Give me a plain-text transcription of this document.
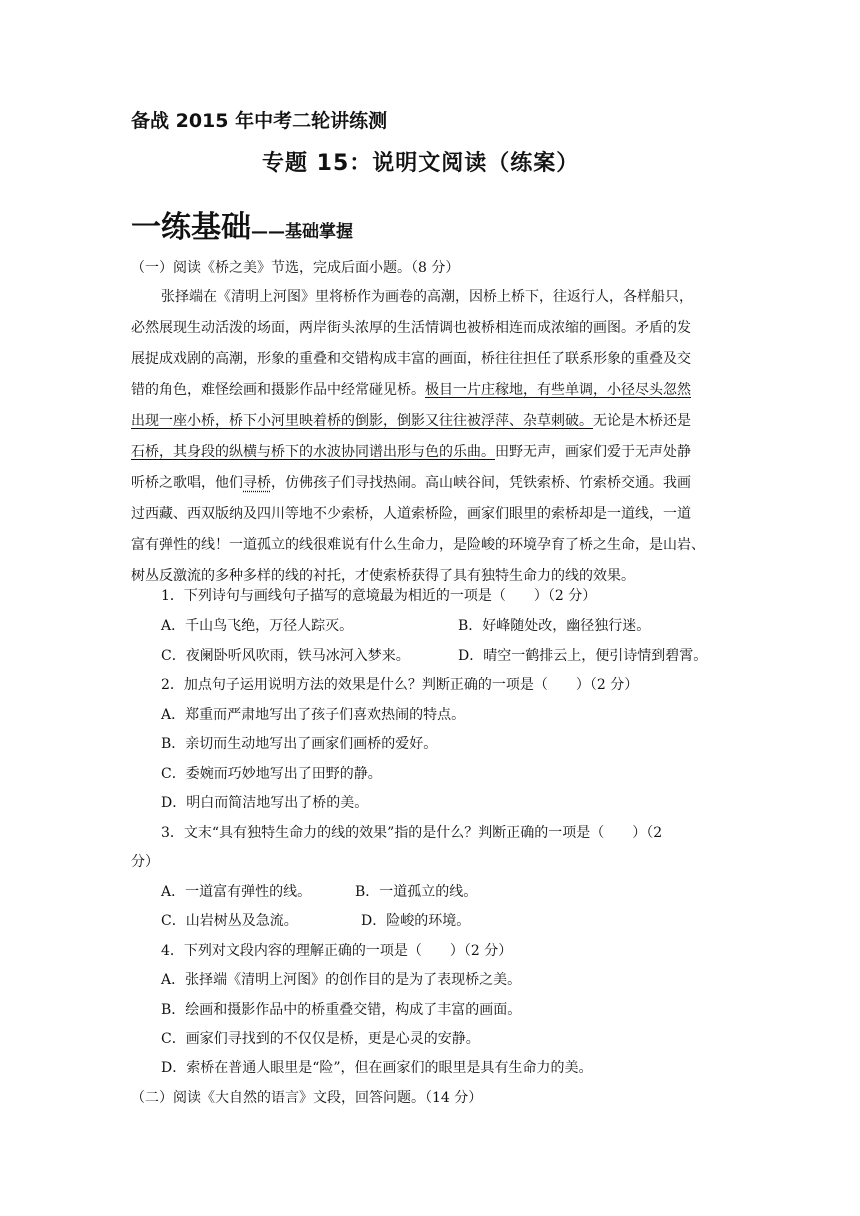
备战 2015 年中考二轮讲练测
专题 15：说明文阅读（练案）
一练基础——基础掌握
（一）阅读《桥之美》节选，完成后面小题。（8 分）
张择端在《清明上河图》里将桥作为画卷的高潮，因桥上桥下，往返行人，各样船只，
必然展现生动活泼的场面，两岸街头浓厚的生活情调也被桥相连而成浓缩的画图。矛盾的发
展捉成戏剧的高潮，形象的重叠和交错构成丰富的画面，桥往往担任了联系形象的重叠及交
错的角色，难怪绘画和摄影作品中经常碰见桥。极目一片庄稼地，有些单调，小径尽头忽然
出现一座小桥，桥下小河里映着桥的倒影，倒影又往往被浮萍、杂草刺破。无论是木桥还是
石桥，其身段的纵横与桥下的水波协同谱出形与色的乐曲。田野无声，画家们爱于无声处静
听桥之歌唱，他们寻桥，仿佛孩子们寻找热闹。高山峡谷间，凭铁索桥、竹索桥交通。我画
过西藏、西双版纳及四川等地不少索桥，人道索桥险，画家们眼里的索桥却是一道线，一道
富有弹性的线！一道孤立的线很难说有什么生命力，是险峻的环境孕育了桥之生命，是山岩、
树丛反激流的多种多样的线的衬托，才使索桥获得了具有独特生命力的线的效果。
1．下列诗句与画线句子描写的意境最为相近的一项是（　　）（2 分）
A．千山鸟飞绝，万径人踪灭。	B．好峰随处改，幽径独行迷。
C．夜阑卧听风吹雨，铁马冰河入梦来。	D．晴空一鹤排云上，便引诗情到碧霄。
2．加点句子运用说明方法的效果是什么？判断正确的一项是（　　）（2 分）
A．郑重而严肃地写出了孩子们喜欢热闹的特点。
B．亲切而生动地写出了画家们画桥的爱好。
C．委婉而巧妙地写出了田野的静。
D．明白而简洁地写出了桥的美。
3．文末“具有独特生命力的线的效果”指的是什么？判断正确的一项是（　　）（2
分）
A．一道富有弹性的线。	B．一道孤立的线。
C．山岩树丛及急流。	D．险峻的环境。
4．下列对文段内容的理解正确的一项是（　　）（2 分）
A．张择端《清明上河图》的创作目的是为了表现桥之美。
B．绘画和摄影作品中的桥重叠交错，构成了丰富的画面。
C．画家们寻找到的不仅仅是桥，更是心灵的安静。
D．索桥在普通人眼里是“险”，但在画家们的眼里是具有生命力的美。
（二）阅读《大自然的语言》文段，回答问题。（14 分）
